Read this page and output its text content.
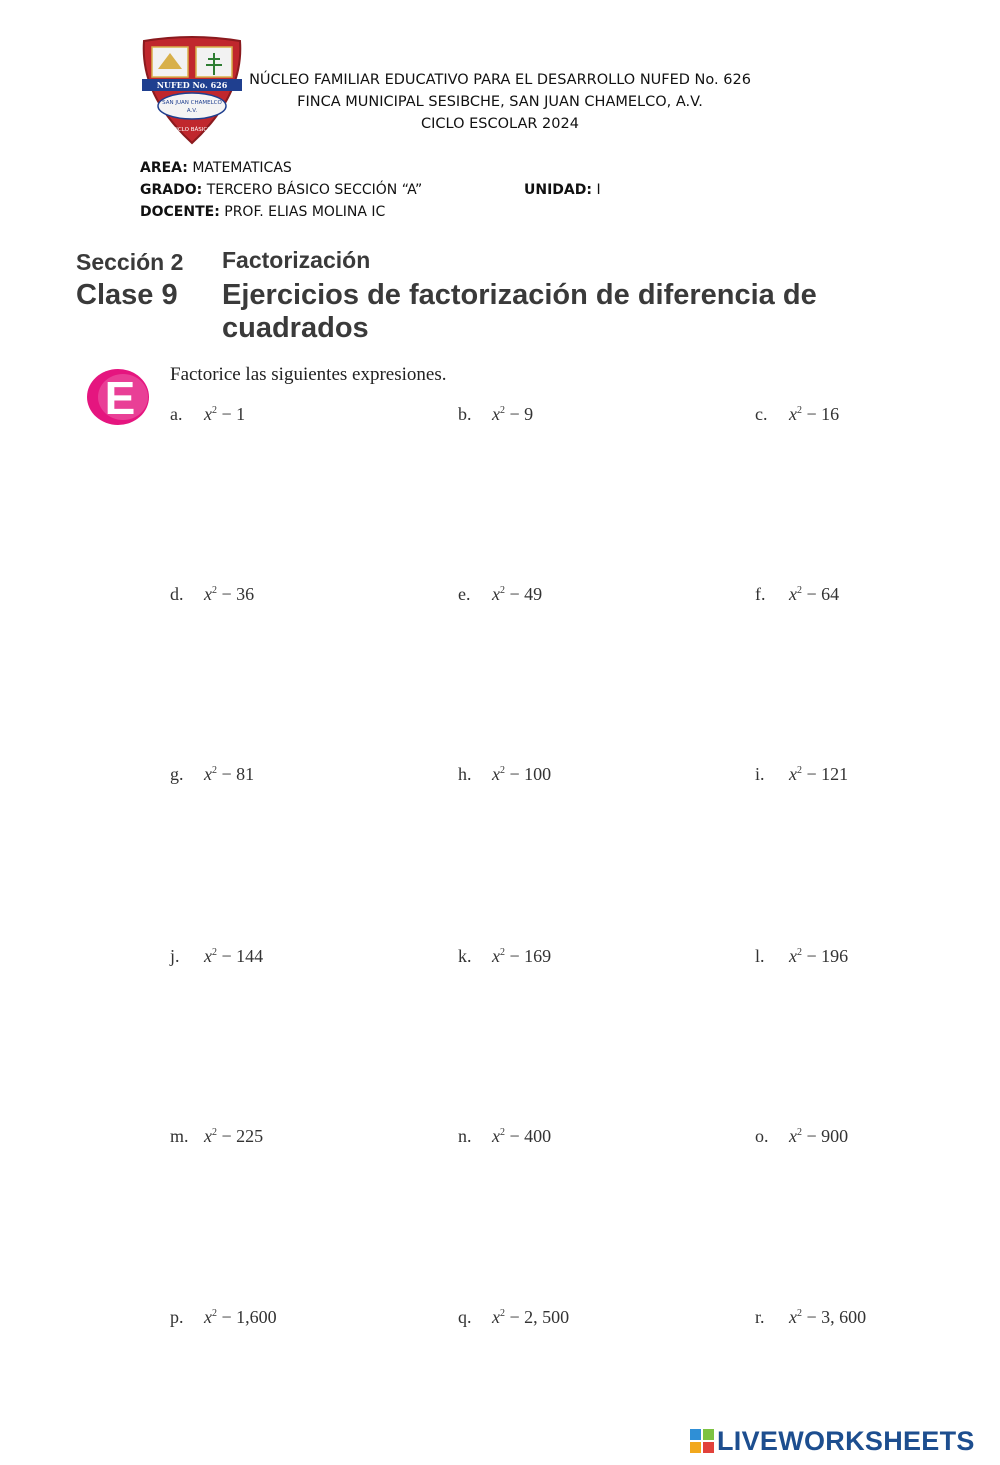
NUFED No. 626
SAN JUAN CHAMELCO
A.V.
CICLO BÁSICO
NÚCLEO FAMILIAR EDUCATIVO PARA EL DESARROLLO NUFED No. 626
FINCA MUNICIPAL SESIBCHE, SAN JUAN CHAMELCO, A.V.
CICLO ESCOLAR 2024
AREA: MATEMATICAS
GRADO: TERCERO BÁSICO SECCIÓN “A”	UNIDAD: I
DOCENTE: PROF. ELIAS MOLINA IC
Sección 2 Factorización
Clase 9 Ejercicios de factorización de diferencia de
cuadrados
E Factorice las siguientes expresiones.
a. $x^2 - 1$	b. $x^2 - 9$	c. $x^2 - 16$
d. $x^2 - 36$	e. $x^2 - 49$	f. $x^2 - 64$
g. $x^2 - 81$	h. $x^2 - 100$	i. $x^2 - 121$
j. $x^2 - 144$	k. $x^2 - 169$	l. $x^2 - 196$
m. $x^2 - 225$	n. $x^2 - 400$	o. $x^2 - 900$
p. $x^2 - 1,600$	q. $x^2 - 2$, 500	r. $x^2 - 3$, 600
LIVEWORKSHEETS
